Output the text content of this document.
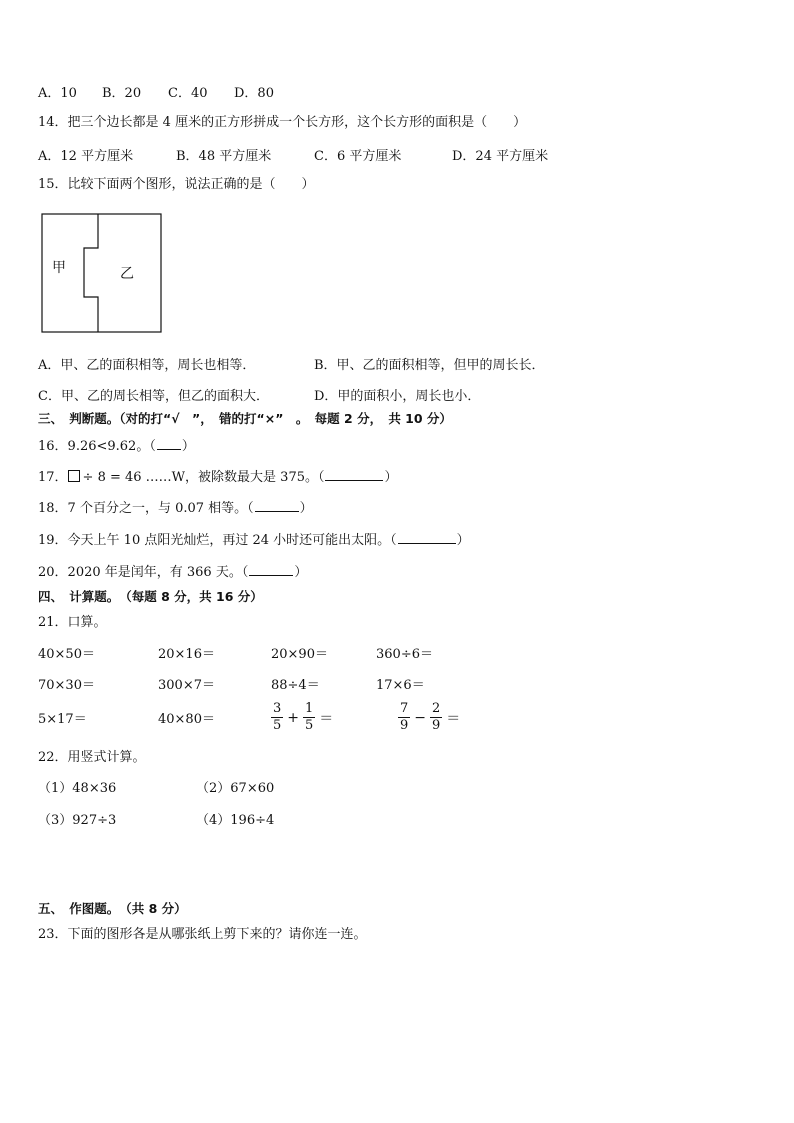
A．10 B．20 C．40 D．80
14．把三个边长都是 4 厘米的正方形拼成一个长方形，这个长方形的面积是（　　）
A．12 平方厘米	B．48 平方厘米	C．6 平方厘米	D．24 平方厘米
15．比较下面两个图形，说法正确的是（　　）
甲	乙
A．甲、乙的面积相等，周长也相等．	B．甲、乙的面积相等，但甲的周长长．
C．甲、乙的周长相等，但乙的面积大．	D．甲的面积小，周长也小．
三、　判断题。（对的打“√　”，　错的打“×”　。　每题 2 分，　共 10 分）
16．9.26<9.62。（ ）
17． ÷ 8 = 46 ……W，被除数最大是 375。（	）
18．7 个百分之一，与 0.07 相等。（	）
19．今天上午 10 点阳光灿烂，再过 24 小时还可能出太阳。（	）
20．2020 年是闰年，有 366 天。（	）
四、　计算题。　（每题 8 分，共 16 分）
21．口算。
40×50＝	20×16＝	20×90＝	360÷6＝
70×30＝	300×7＝	88÷4＝	17×6＝
5×17＝	40×80＝	$\frac{3}{5} + \frac{1}{5}$ ＝	$\frac{7}{9} - \frac{2}{9}$ ＝
22．用竖式计算。
（1）48×36	（2）67×60
（3）927÷3	（4）196÷4
五、　作图题。　（共 8 分）
23．下面的图形各是从哪张纸上剪下来的？请你连一连。
